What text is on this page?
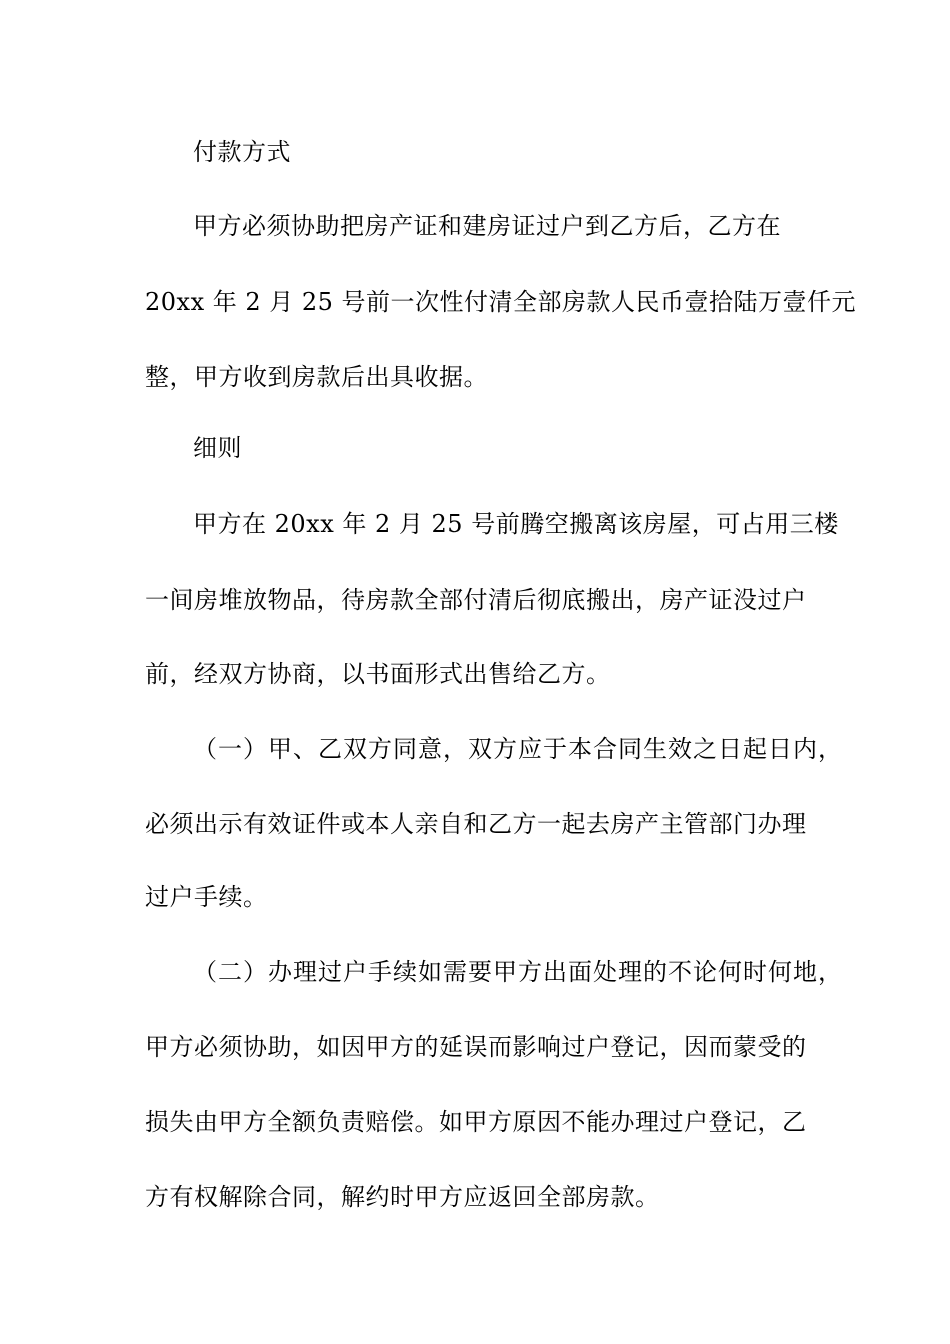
付款方式
甲方必须协助把房产证和建房证过户到乙方后，乙方在
20xx 年 2 月 25 号前一次性付清全部房款人民币壹拾陆万壹仟元
整，甲方收到房款后出具收据。
细则
甲方在 20xx 年 2 月 25 号前腾空搬离该房屋，可占用三楼
一间房堆放物品，待房款全部付清后彻底搬出，房产证没过户
前，经双方协商，以书面形式出售给乙方。
（一）甲、乙双方同意，双方应于本合同生效之日起日内，
必须出示有效证件或本人亲自和乙方一起去房产主管部门办理
过户手续。
（二）办理过户手续如需要甲方出面处理的不论何时何地，
甲方必须协助，如因甲方的延误而影响过户登记，因而蒙受的
损失由甲方全额负责赔偿。如甲方原因不能办理过户登记，乙
方有权解除合同，解约时甲方应返回全部房款。
